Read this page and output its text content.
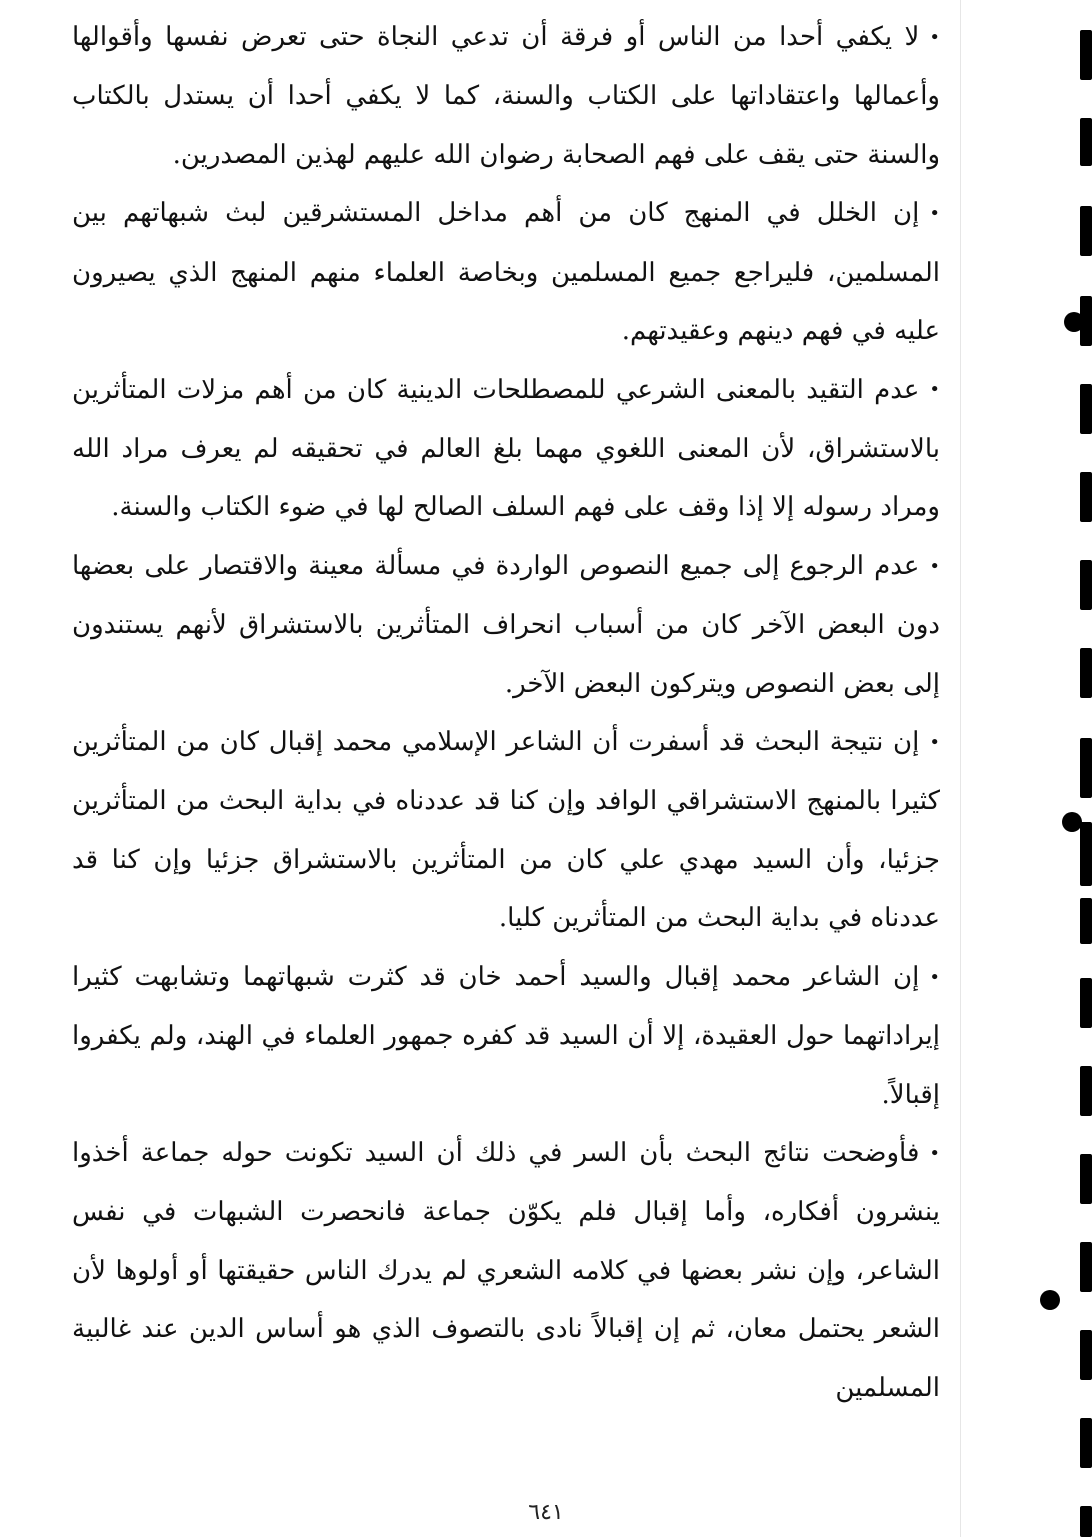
•لا يكفي أحدا من الناس أو فرقة أن تدعي النجاة حتى تعرض نفسها وأقوالها وأعمالها واعتقاداتها على الكتاب والسنة، كما لا يكفي أحدا أن يستدل بالكتاب والسنة حتى يقف على فهم الصحابة رضوان الله عليهم لهذين المصدرين.

•إن الخلل في المنهج كان من أهم مداخل المستشرقين لبث شبهاتهم بين المسلمين، فليراجع جميع المسلمين وبخاصة العلماء منهم المنهج الذي يصيرون عليه في فهم دينهم وعقيدتهم.

•عدم التقيد بالمعنى الشرعي للمصطلحات الدينية كان من أهم مزلات المتأثرين بالاستشراق، لأن المعنى اللغوي مهما بلغ العالم في تحقيقه لم يعرف مراد الله ومراد رسوله إلا إذا وقف على فهم السلف الصالح لها في ضوء الكتاب والسنة.

•عدم الرجوع إلى جميع النصوص الواردة في مسألة معينة والاقتصار على بعضها دون البعض الآخر كان من أسباب انحراف المتأثرين بالاستشراق لأنهم يستندون إلى بعض النصوص ويتركون البعض الآخر.

•إن نتيجة البحث قد أسفرت أن الشاعر الإسلامي محمد إقبال كان من المتأثرين كثيرا بالمنهج الاستشراقي الوافد وإن كنا قد عددناه في بداية البحث من المتأثرين جزئيا، وأن السيد مهدي علي كان من المتأثرين بالاستشراق جزئيا وإن كنا قد عددناه في بداية البحث من المتأثرين كليا.

•إن الشاعر محمد إقبال والسيد أحمد خان قد كثرت شبهاتهما وتشابهت كثيرا إيراداتهما حول العقيدة، إلا أن السيد قد كفره جمهور العلماء في الهند، ولم يكفروا إقبالاً.

•فأوضحت نتائج البحث بأن السر في ذلك أن السيد تكونت حوله جماعة أخذوا ينشرون أفكاره، وأما إقبال فلم يكوّن جماعة فانحصرت الشبهات في نفس الشاعر، وإن نشر بعضها في كلامه الشعري لم يدرك الناس حقيقتها أو أولوها لأن الشعر يحتمل معان، ثم إن إقبالاً نادى بالتصوف الذي هو أساس الدين عند غالبية المسلمين

٦٤١
